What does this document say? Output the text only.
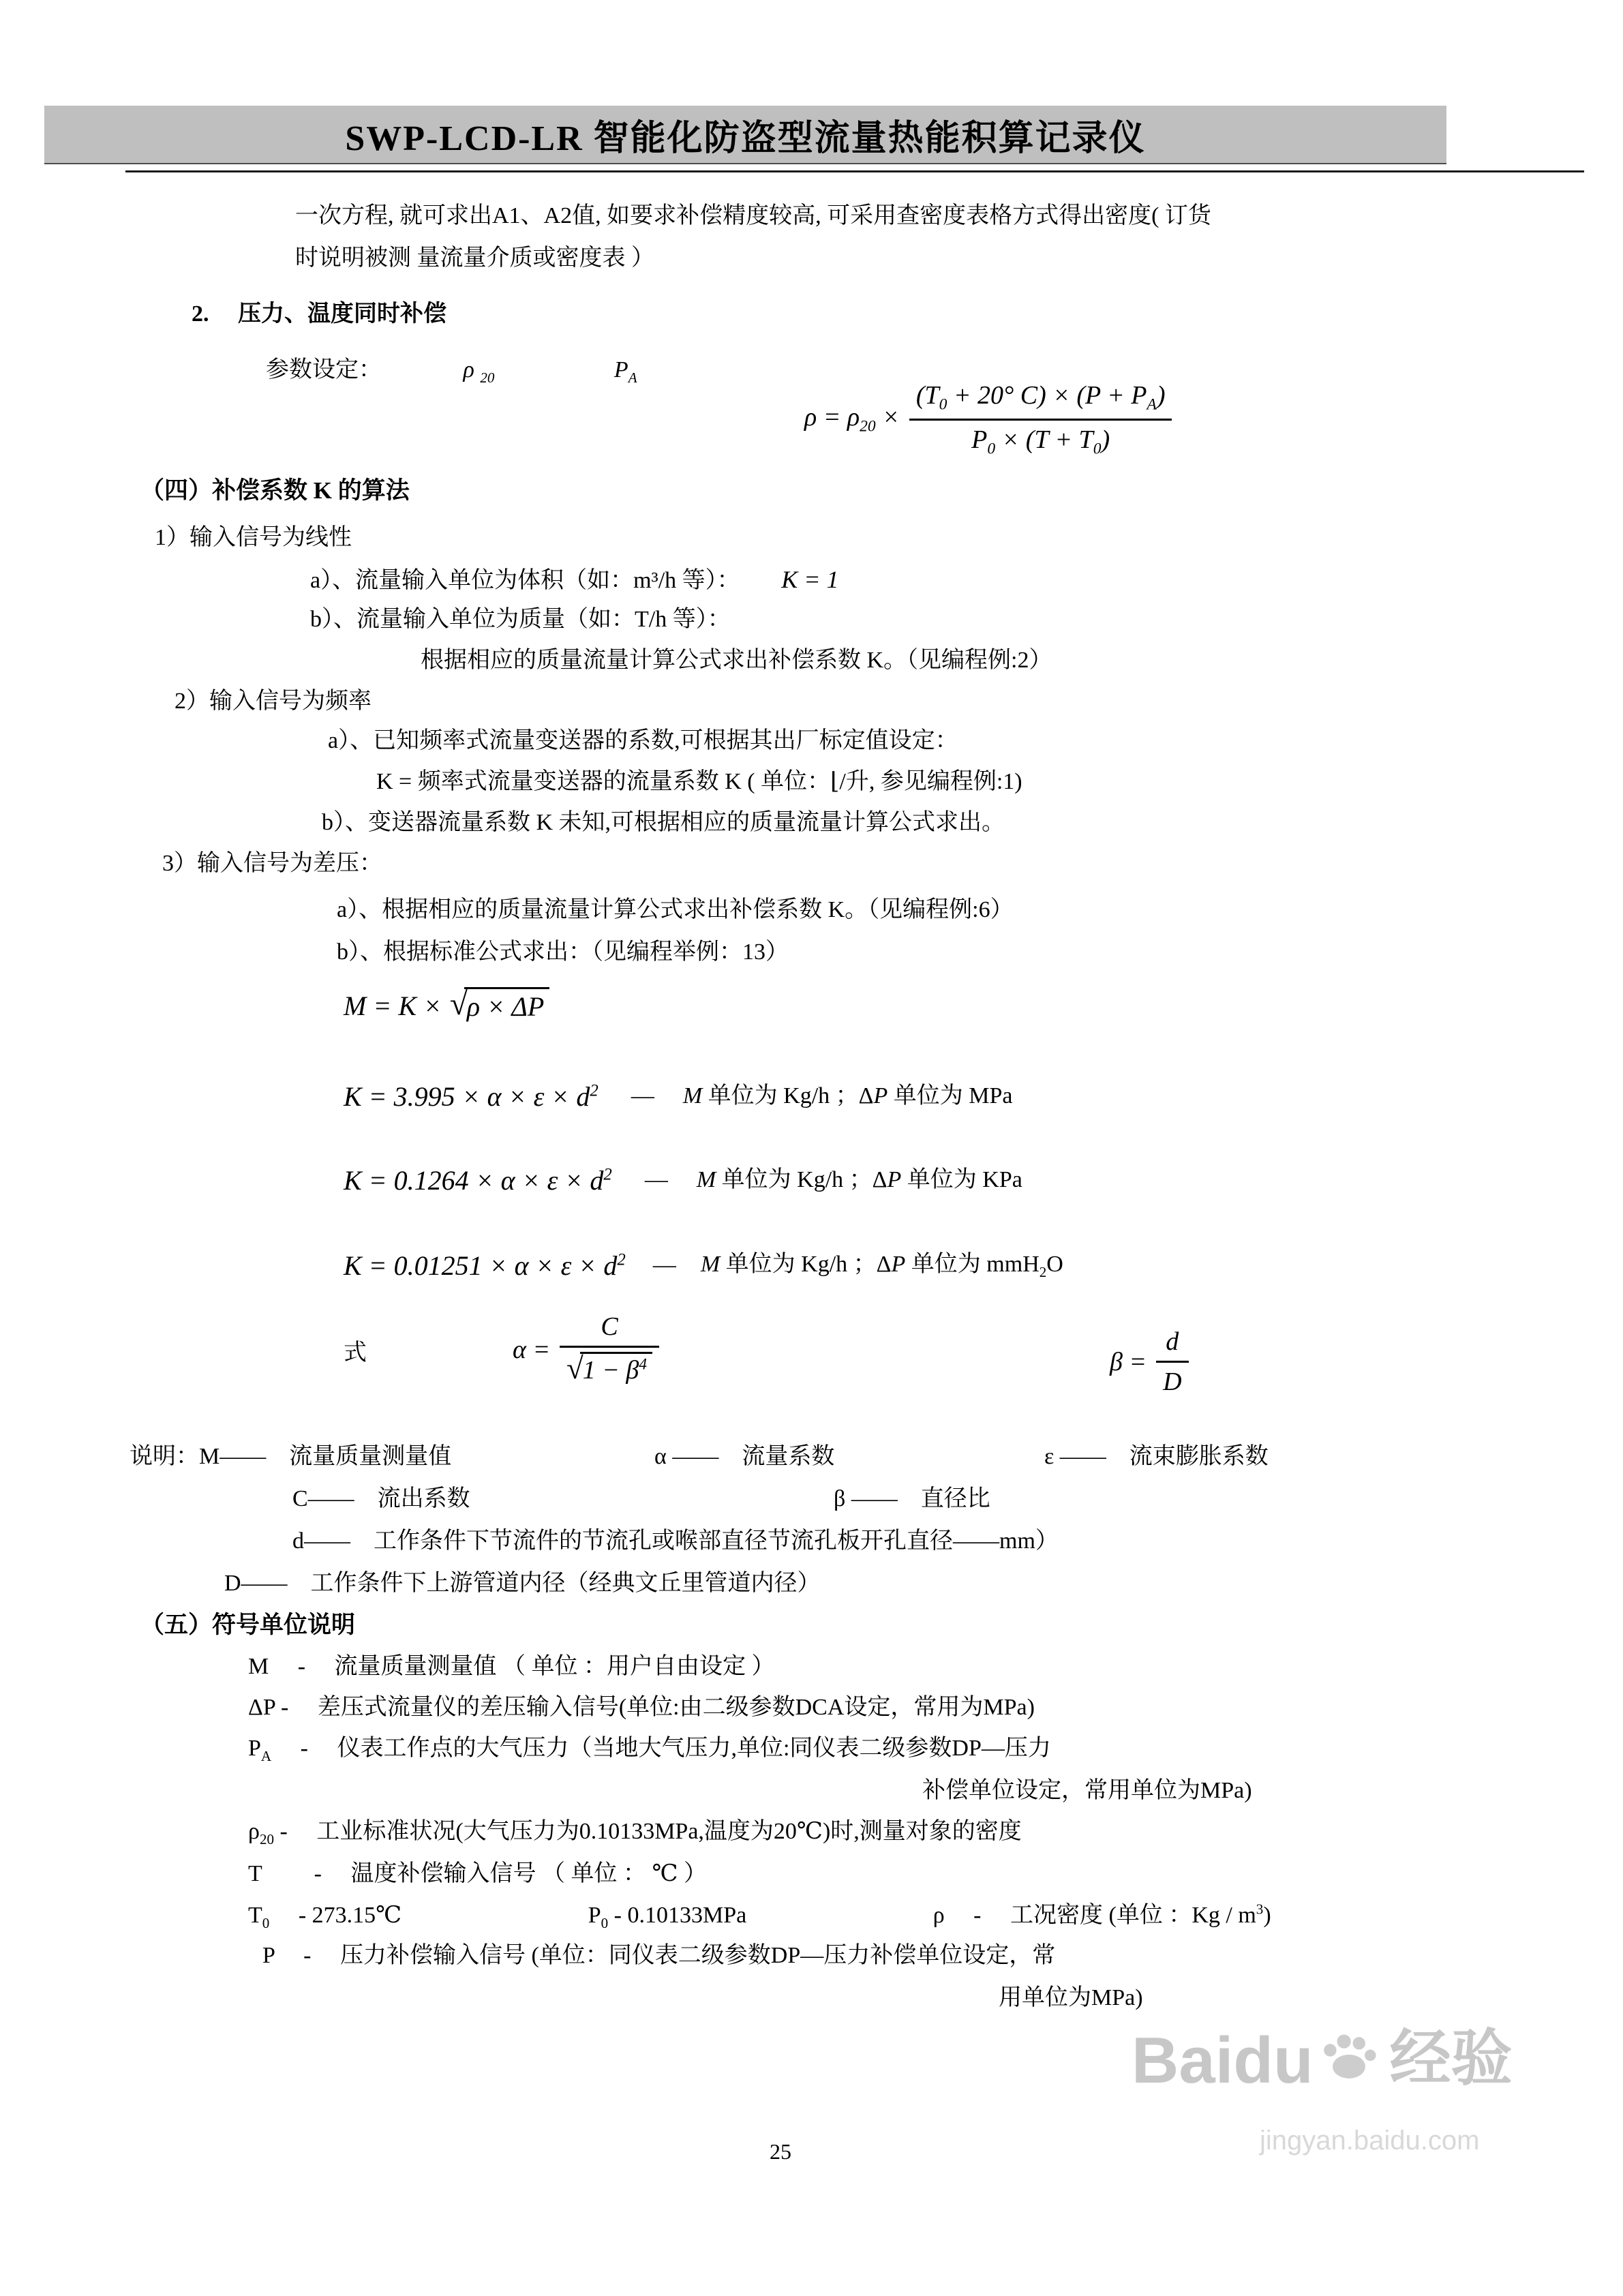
SWP-LCD-LR 智能化防盗型流量热能积算记录仪
一次方程, 就可求出A1、A2值, 如要求补偿精度较高, 可采用查密度表格方式得出密度( 订货
时说明被测 量流量介质或密度表 ）
2. 压力、温度同时补偿
参数设定：	ρ $_{20}$	$P_A$
$\rho = \rho_{20} \times \frac{(T_0 + 20^\circ C) \times (P + P_A)}{P_0 \times (T + T_0)}$
（四）补偿系数 K 的算法
1）输入信号为线性
a）、流量输入单位为体积（如：m³/h 等）： K = 1
b）、流量输入单位为质量（如：T/h 等）：
根据相应的质量流量计算公式求出补偿系数 K。（见编程例:2）
2）输入信号为频率
a）、已知频率式流量变送器的系数,可根据其出厂标定值设定：
K = 频率式流量变送器的流量系数 K ( 单位：⌊/升, 参见编程例:1)
b）、变送器流量系数 K 未知,可根据相应的质量流量计算公式求出。
3）输入信号为差压：
a）、根据相应的质量流量计算公式求出补偿系数 K。（见编程例:6）
b）、根据标准公式求出：（见编程举例：13）
M = K × √ ρ × ΔP
$K = 3.995 \times \alpha \times \varepsilon \times d^2$ — M 单位为 Kg/h ；ΔP 单位为 MPa
$K = 0.1264 \times \alpha \times \varepsilon \times d^2$ — M 单位为 Kg/h ；ΔP 单位为 KPa
$K = 0.01251 \times \alpha \times \varepsilon \times d^2$ — M 单位为 Kg/h ；ΔP 单位为 mmH$_2$O
式	$\alpha = \frac{C}{√ 1 - \beta^4}$	$\beta = \frac{d}{D}$
说明：M——　流量质量测量值	α ——　流量系数	ε ——　流束膨胀系数
C——　流出系数	β ——　直径比
d——　工作条件下节流件的节流孔或喉部直径节流孔板开孔直径——mm）
D——　工作条件下上游管道内径（经典文丘里管道内径）
（五）符号单位说明
M　 - 　流量质量测量值 （ 单位 ：用户自由设定 ）
ΔP - 　差压式流量仪的差压输入信号(单位:由二级参数DCA设定，常用为MPa)
$P_A$　 - 　仪表工作点的大气压力（当地大气压力,单位:同仪表二级参数DP—压力
补偿单位设定，常用单位为MPa)
$\rho_{20}$ - 　工业标准状况(大气压力为0.10133MPa,温度为20℃)时,测量对象的密度
T　　 - 　温度补偿输入信号 （ 单位 ： ℃ ）
$T_0$　 - 273.15℃	$P_0 - 0.10133MPa$	ρ　 - 　工况密度 (单位 ：Kg / $m^3$)
P　 - 　压力补偿输入信号 (单位：同仪表二级参数DP—压力补偿单位设定，常
用单位为MPa)
25
Baidu 经验
jingyan.baidu.com
